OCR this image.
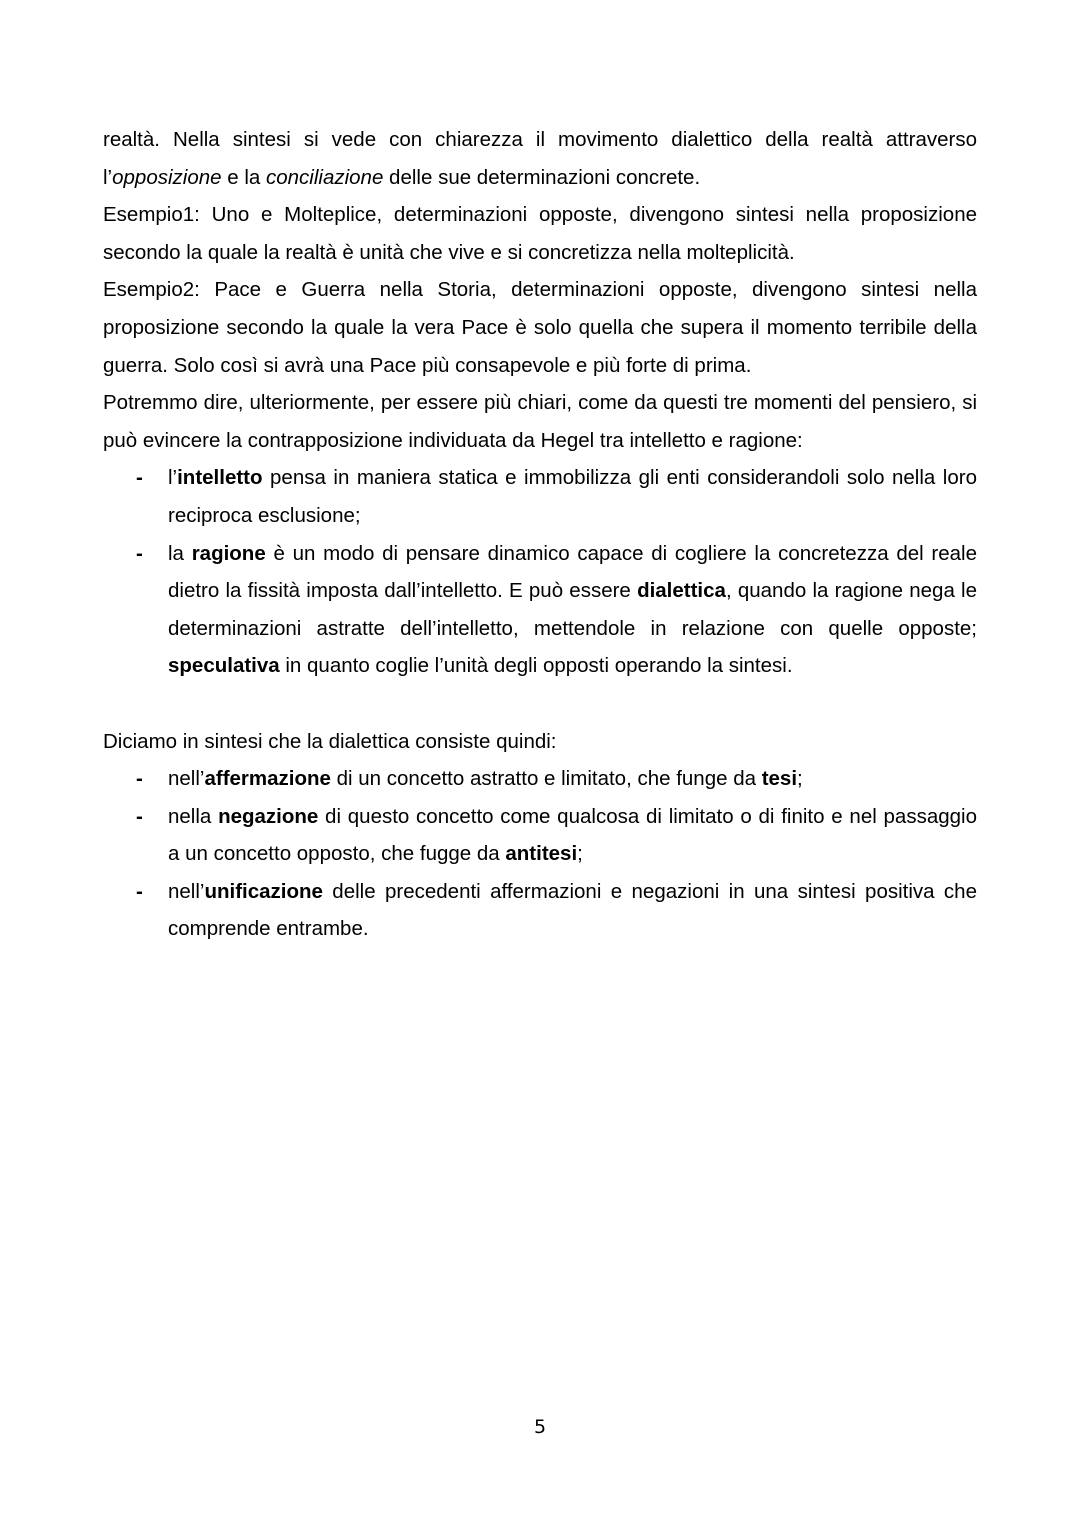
realtà. Nella sintesi si vede con chiarezza il movimento dialettico della realtà attraverso l’opposizione e la conciliazione delle sue determinazioni concrete.

Esempio1: Uno e Molteplice, determinazioni opposte, divengono sintesi nella proposizione secondo la quale la realtà è unità che vive e si concretizza nella molteplicità.

Esempio2: Pace e Guerra nella Storia, determinazioni opposte, divengono sintesi nella proposizione secondo la quale la vera Pace è solo quella che supera il momento terribile della guerra. Solo così si avrà una Pace più consapevole e più forte di prima.

Potremmo dire, ulteriormente, per essere più chiari, come da questi tre momenti del pensiero, si può evincere la contrapposizione individuata da Hegel tra intelletto e ragione:

- l’intelletto pensa in maniera statica e immobilizza gli enti considerandoli solo nella loro reciproca esclusione;
- la ragione è un modo di pensare dinamico capace di cogliere la concretezza del reale dietro la fissità imposta dall’intelletto. E può essere dialettica, quando la ragione nega le determinazioni astratte dell’intelletto, mettendole in relazione con quelle opposte; speculativa in quanto coglie l’unità degli opposti operando la sintesi.

Diciamo in sintesi che la dialettica consiste quindi:

- nell’affermazione di un concetto astratto e limitato, che funge da tesi;
- nella negazione di questo concetto come qualcosa di limitato o di finito e nel passaggio a un concetto opposto, che fugge da antitesi;
- nell’unificazione delle precedenti affermazioni e negazioni in una sintesi positiva che comprende entrambe.
5
